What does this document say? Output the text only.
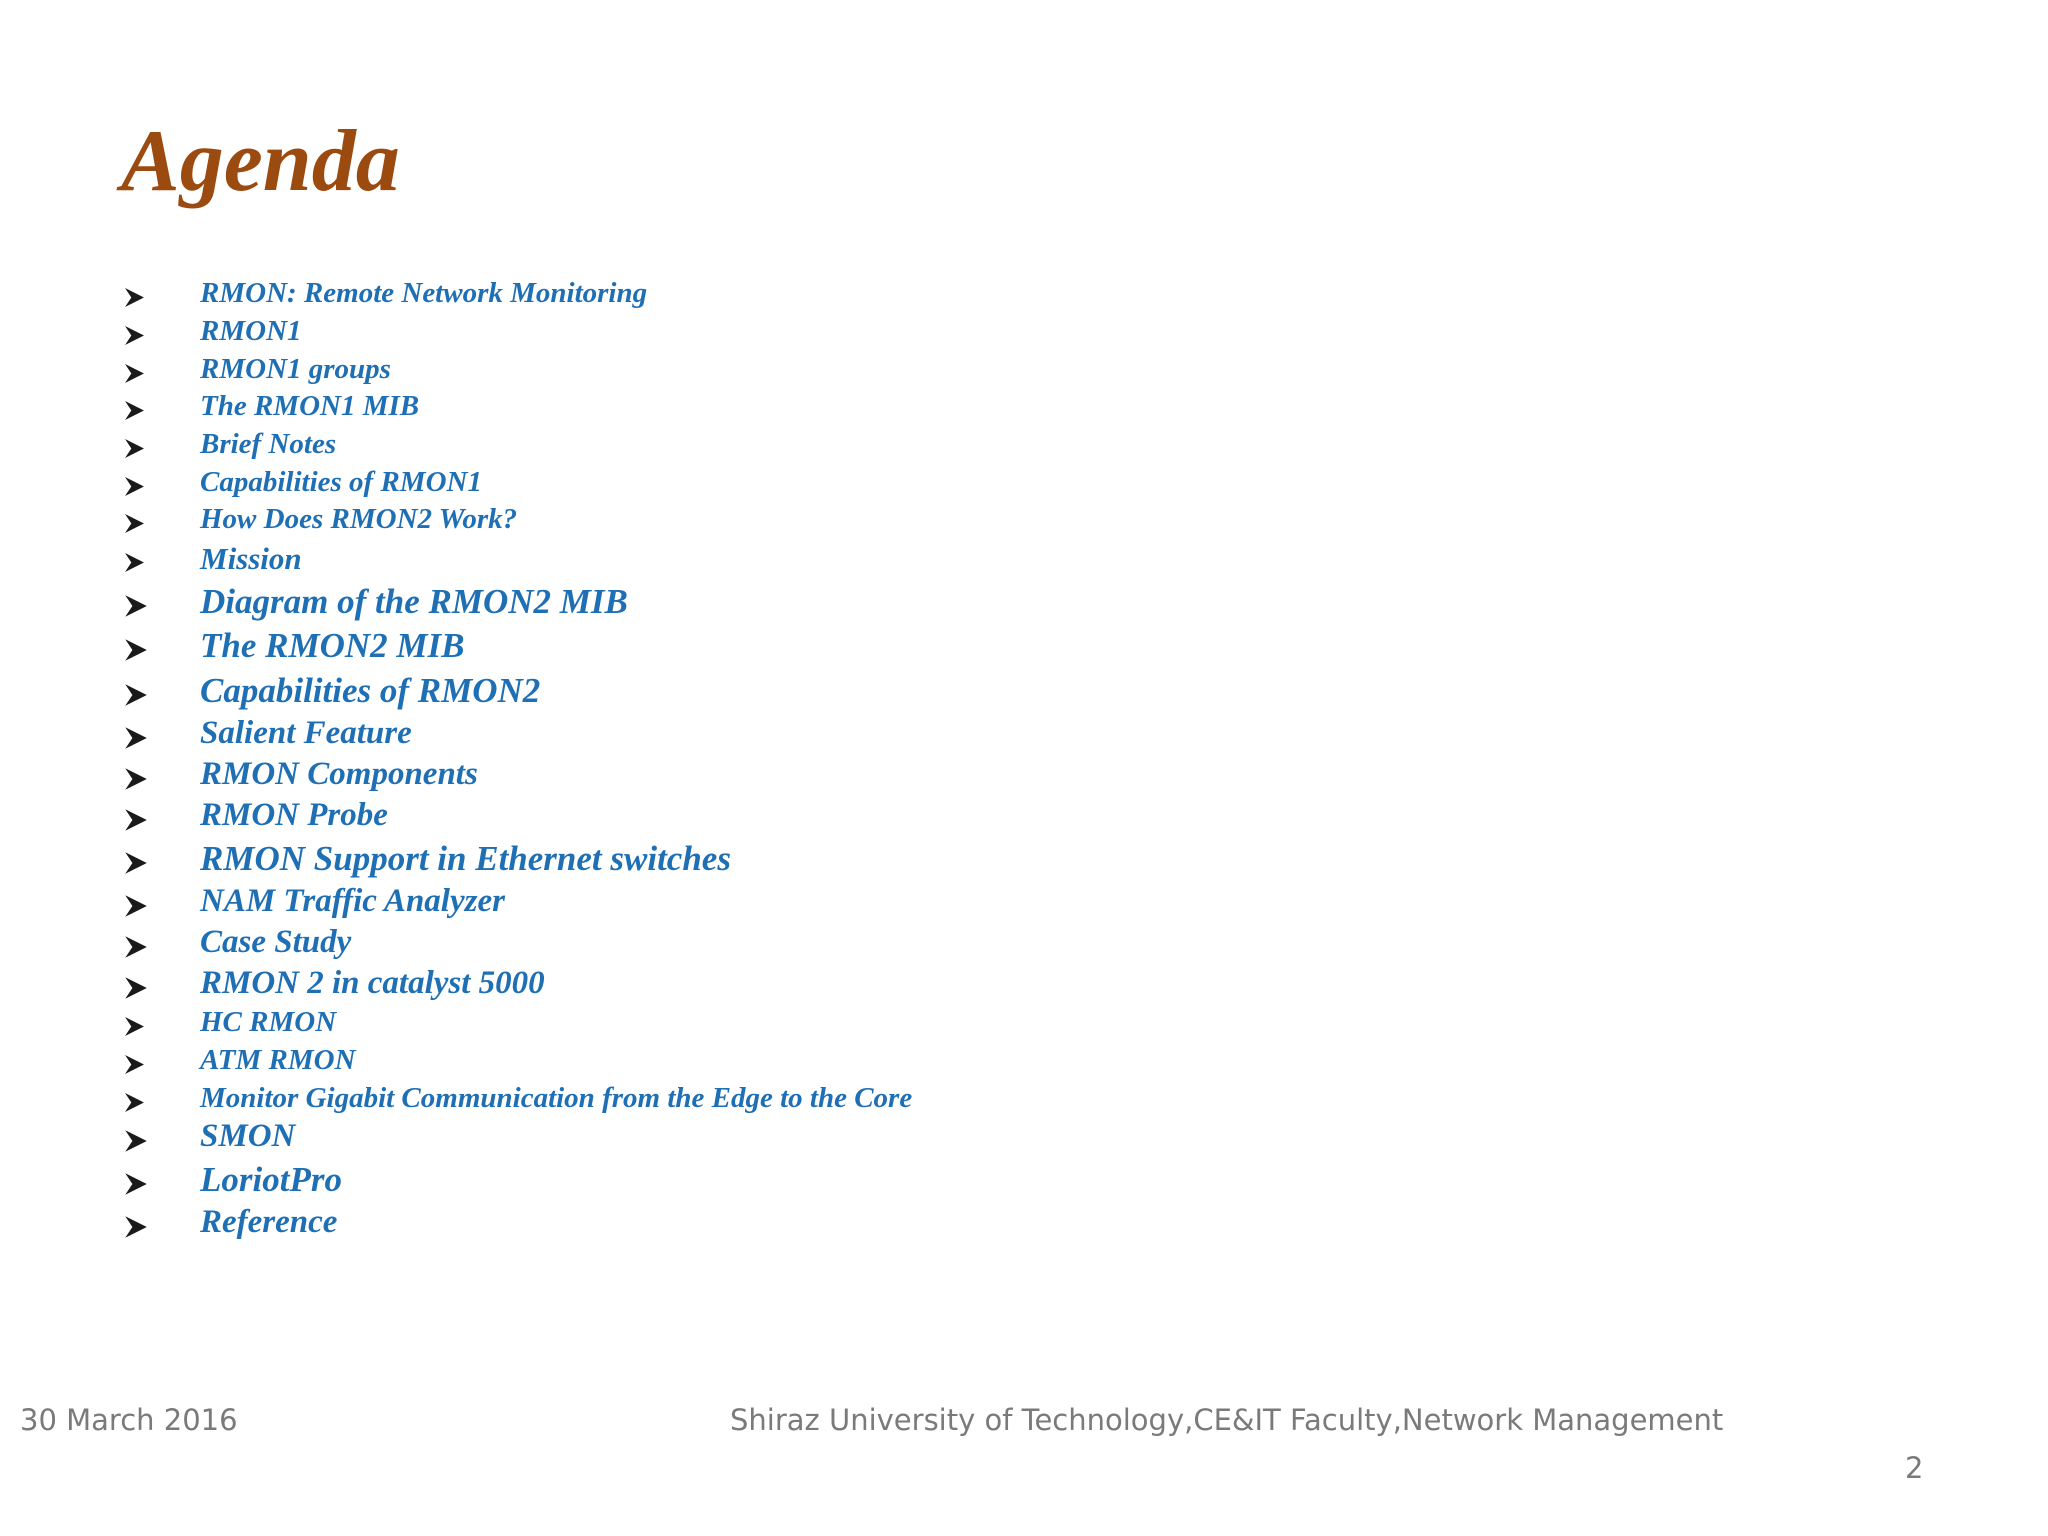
Agenda
RMON: Remote Network Monitoring
RMON1
RMON1 groups
The RMON1 MIB
Brief Notes
Capabilities of RMON1
How Does RMON2 Work?
Mission
Diagram of the RMON2 MIB
The RMON2 MIB
Capabilities of RMON2
Salient Feature
RMON Components
RMON Probe
RMON Support in Ethernet switches
NAM Traffic Analyzer
Case Study
RMON 2 in catalyst 5000
HC RMON
ATM RMON
Monitor Gigabit Communication from the Edge to the Core
SMON
LoriotPro
Reference
30 March 2016	Shiraz University of Technology,CE&IT Faculty,Network Management
2
